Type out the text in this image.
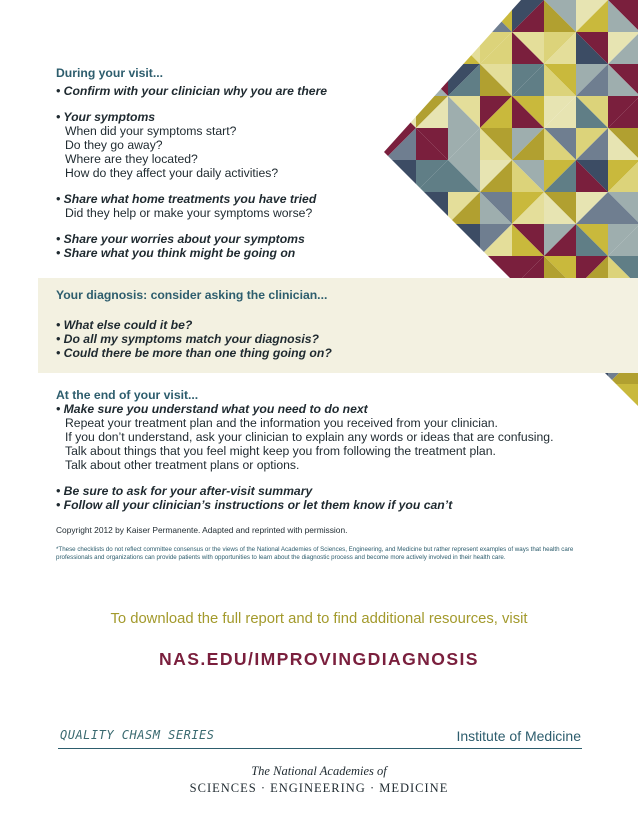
During your visit...
• Confirm with your clinician why you are there
• Your symptoms
When did your symptoms start?
Do they go away?
Where are they located?
How do they affect your daily activities?
• Share what home treatments you have tried
Did they help or make your symptoms worse?
• Share your worries about your symptoms
• Share what you think might be going on
Your diagnosis: consider asking the clinician...
• What else could it be?
• Do all my symptoms match your diagnosis?
• Could there be more than one thing going on?
At the end of your visit...
• Make sure you understand what you need to do next
Repeat your treatment plan and the information you received from your clinician.
If you don’t understand, ask your clinician to explain any words or ideas that are confusing.
Talk about things that you feel might keep you from following the treatment plan.
Talk about other treatment plans or options.
• Be sure to ask for your after-visit summary
• Follow all your clinician’s instructions or let them know if you can’t
Copyright 2012 by Kaiser Permanente. Adapted and reprinted with permission.
*These checklists do not reflect committee consensus or the views of the National Academies of Sciences, Engineering, and Medicine but rather represent examples of ways that health care professionals and organizations can provide patients with opportunities to learn about the diagnostic process and become more actively involved in their health care.
To download the full report and to find additional resources, visit
NAS.EDU/IMPROVINGDIAGNOSIS
QUALITY CHASM SERIES	Institute of Medicine
The National Academies of
SCIENCES · ENGINEERING · MEDICINE
